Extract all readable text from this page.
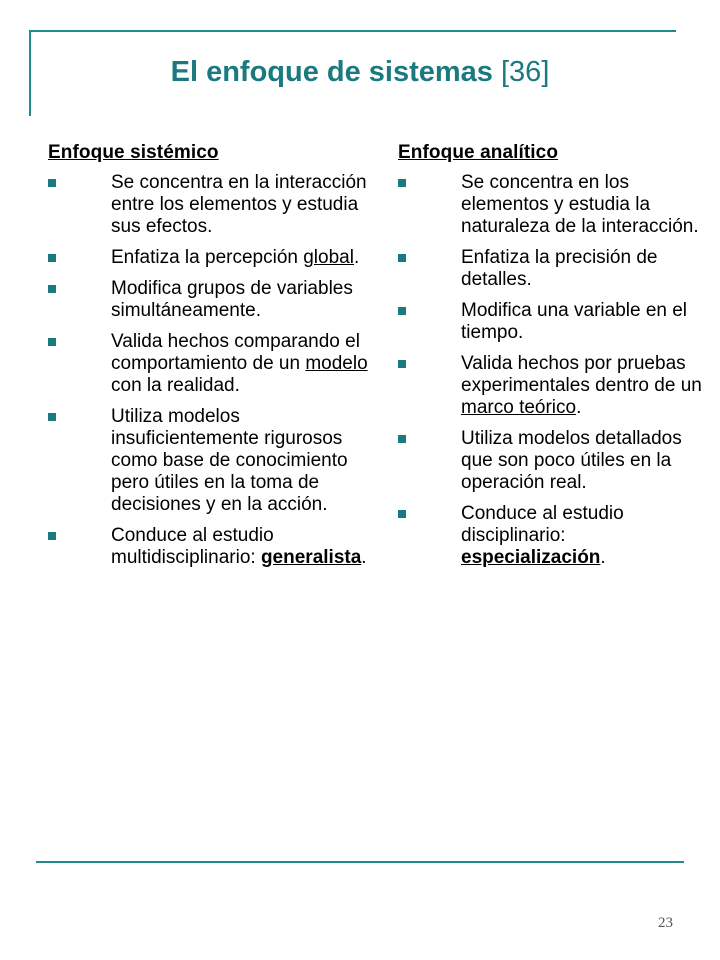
El enfoque de sistemas [36]
Enfoque sistémico
Se concentra en la interacción entre los elementos y estudia sus efectos.
Enfatiza la percepción global.
Modifica grupos de variables simultáneamente.
Valida hechos comparando el comportamiento de un modelo con la realidad.
Utiliza modelos insuficientemente rigurosos como base de conocimiento pero útiles en la toma de decisiones y en la acción.
Conduce al estudio multidisciplinario: generalista.
Enfoque analítico
Se concentra en los elementos y estudia la naturaleza de la interacción.
Enfatiza la precisión de detalles.
Modifica una variable en el tiempo.
Valida hechos por pruebas experimentales dentro de un marco teórico.
Utiliza modelos detallados que son poco útiles en la operación real.
Conduce al estudio disciplinario: especialización.
23
